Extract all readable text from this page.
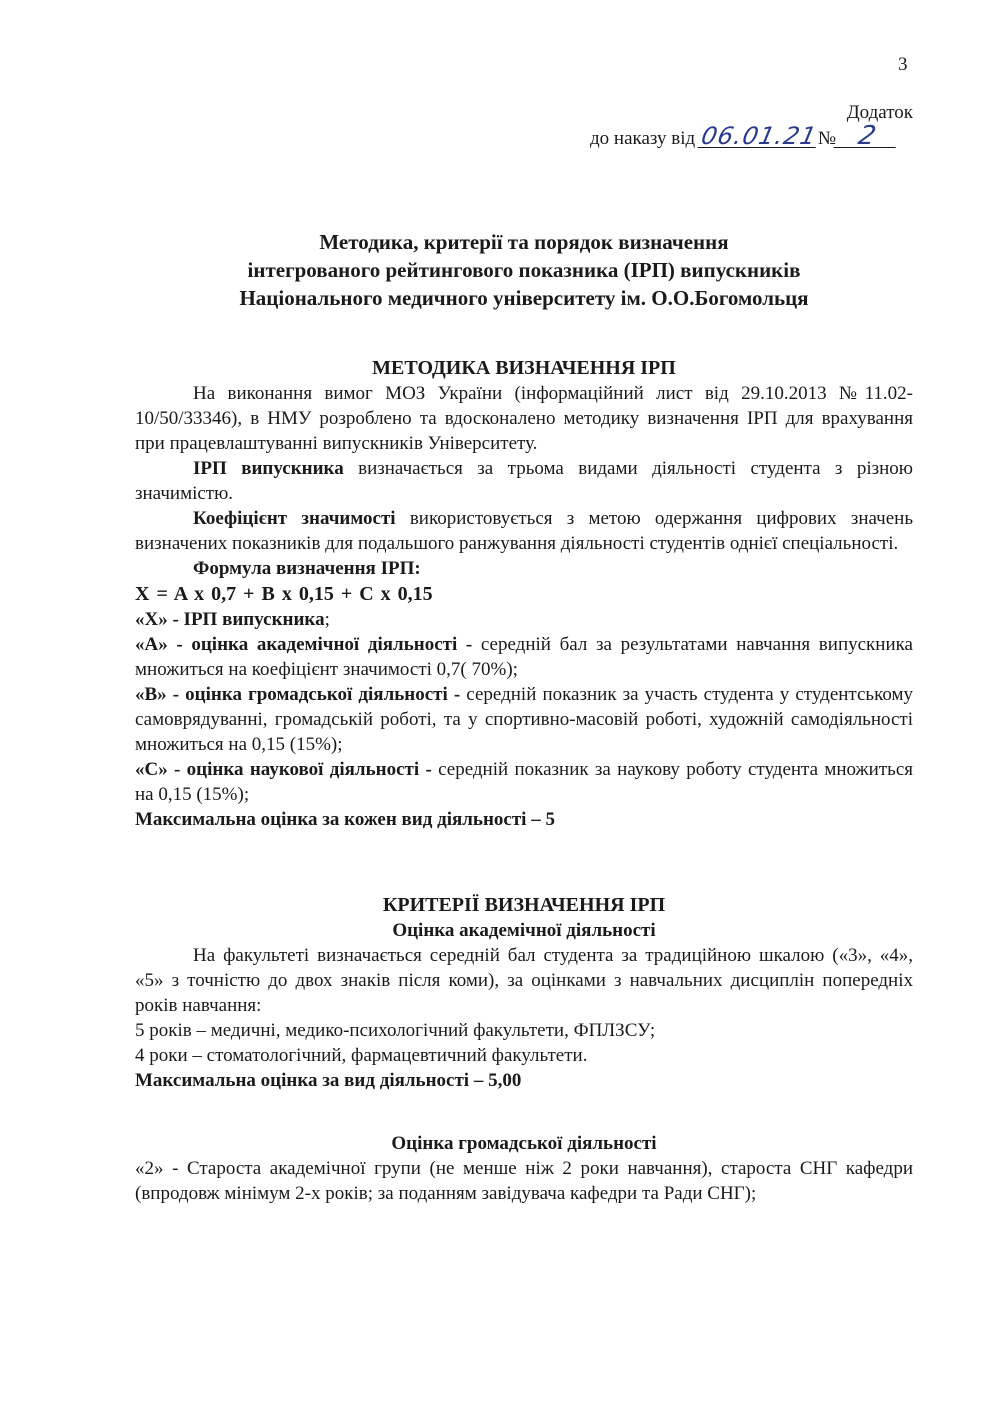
3
Додаток
до наказу від 06.01.21№ 2
Методика, критерії та порядок визначення
інтегрованого рейтингового показника (ІРП) випускників
Національного медичного університету ім. О.О.Богомольця
МЕТОДИКА ВИЗНАЧЕННЯ ІРП

На виконання вимог МОЗ України (інформаційний лист від 29.10.2013 №11.02-10/50/33346), в НМУ розроблено та вдосконалено методику визначення ІРП для врахування при працевлаштуванні випускників Університету.

ІРП випускника визначається за трьома видами діяльності студента з різною значимістю.

Коефіцієнт значимості використовується з метою одержання цифрових значень визначених показників для подальшого ранжування діяльності студентів однієї спеціальності.

Формула визначення ІРП:

X = A x 0,7 + B x 0,15 + C x 0,15

«Х» - ІРП випускника;

«А» - оцінка академічної діяльності - середній бал за результатами навчання випускника множиться на коефіцієнт значимості 0,7( 70%);

«В» - оцінка громадської діяльності - середній показник за участь студента у студентському самоврядуванні, громадській роботі, та у спортивно-масовій роботі, художній самодіяльності множиться на 0,15 (15%);

«С» - оцінка наукової діяльності - середній показник за наукову роботу студента множиться на 0,15 (15%);

Максимальна оцінка за кожен вид діяльності – 5

КРИТЕРІЇ ВИЗНАЧЕННЯ ІРП
Оцінка академічної діяльності

На факультеті визначається середній бал студента за традиційною шкалою («3», «4», «5» з точністю до двох знаків після коми), за оцінками з навчальних дисциплін попередніх років навчання:

5 років – медичні, медико-психологічний факультети, ФПЛЗСУ;

4 роки – стоматологічний, фармацевтичний факультети.

Максимальна оцінка за вид діяльності – 5,00

Оцінка громадської діяльності

«2» - Староста академічної групи (не менше ніж 2 роки навчання), староста СНГ кафедри (впродовж мінімум 2-х років; за поданням завідувача кафедри та Ради СНГ);
